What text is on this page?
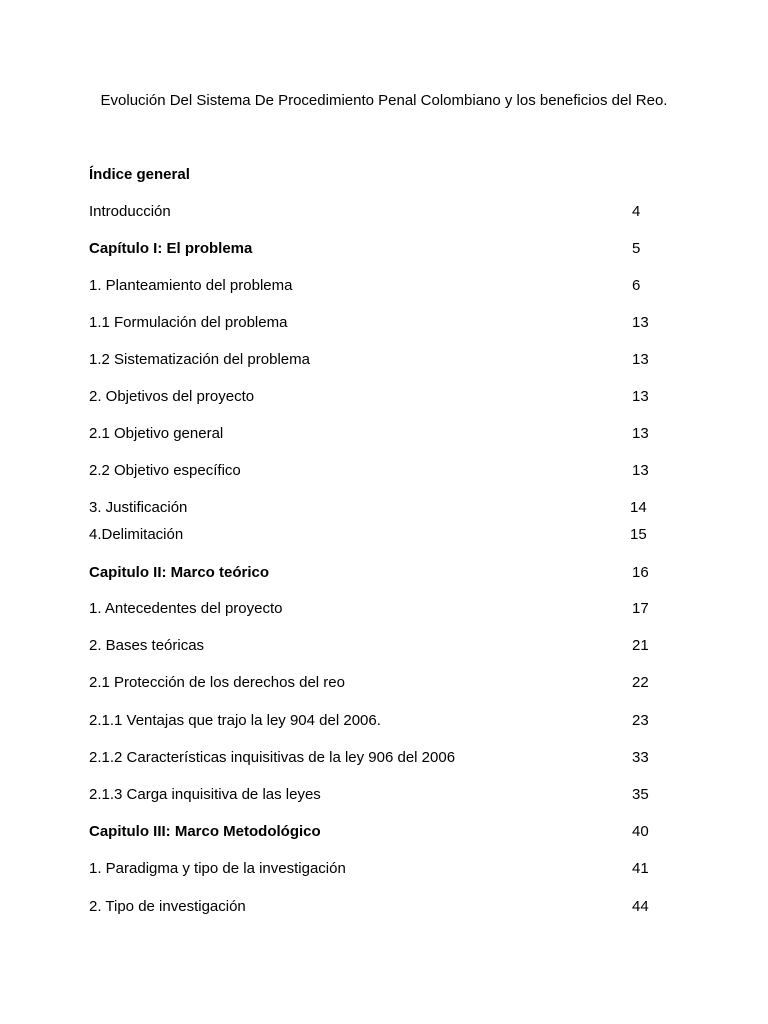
Evolución Del Sistema De Procedimiento Penal Colombiano y los beneficios del Reo.
Índice general
Introducción	4
Capítulo I: El problema	5
1. Planteamiento del problema	6
1.1 Formulación del problema	13
1.2 Sistematización del problema	13
2. Objetivos del proyecto	13
2.1 Objetivo general	13
2.2 Objetivo específico	13
3. Justificación	14
4.Delimitación	15
Capitulo II: Marco teórico	16
1. Antecedentes del proyecto	17
2. Bases teóricas	21
2.1 Protección de los derechos del reo	22
2.1.1 Ventajas que trajo la ley 904 del 2006.	23
2.1.2 Características inquisitivas de la ley 906 del 2006	33
2.1.3 Carga inquisitiva de las leyes	35
Capitulo III: Marco Metodológico	40
1. Paradigma y tipo de la investigación	41
2. Tipo de investigación	44
